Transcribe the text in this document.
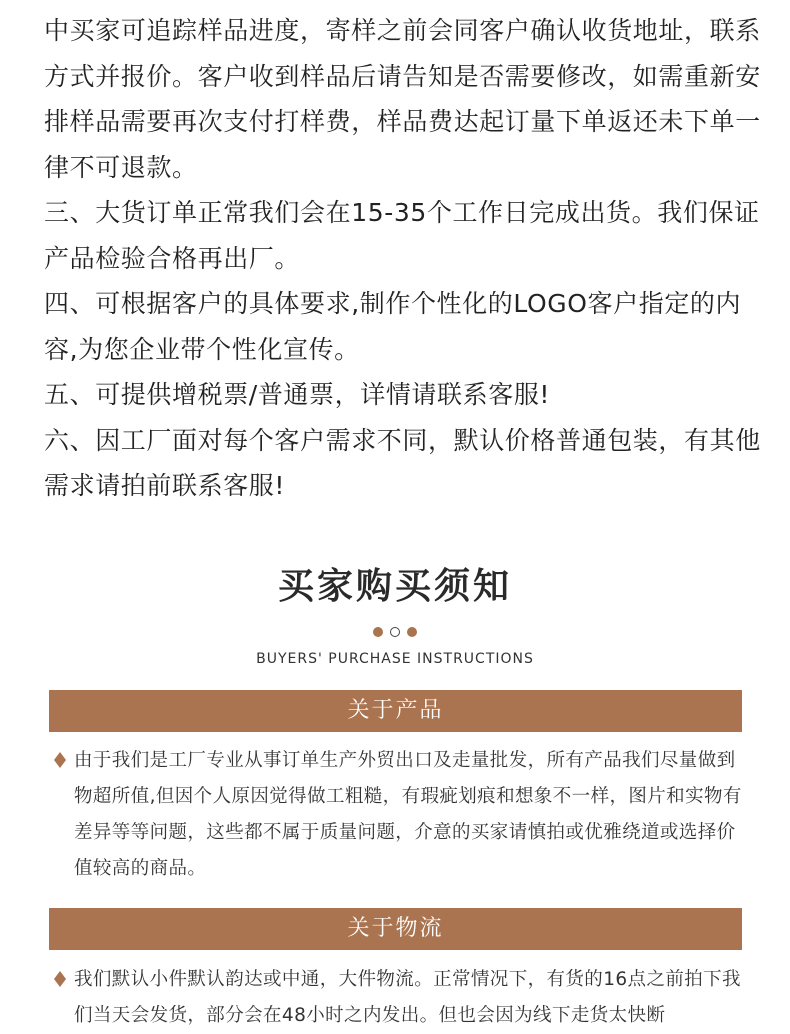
中买家可追踪样品进度，寄样之前会同客户确认收货地址，联系方式并报价。客户收到样品后请告知是否需要修改，如需重新安排样品需要再次支付打样费，样品费达起订量下单返还未下单一律不可退款。

三、大货订单正常我们会在15-35个工作日完成出货。我们保证产品检验合格再出厂。

四、可根据客户的具体要求,制作个性化的LOGO客户指定的内容,为您企业带个性化宣传。

五、可提供增税票/普通票，详情请联系客服!

六、因工厂面对每个客户需求不同，默认价格普通包装，有其他需求请拍前联系客服!

买家购买须知
BUYERS' PURCHASE INSTRUCTIONS
关于产品
由于我们是工厂专业从事订单生产外贸出口及走量批发，所有产品我们尽量做到物超所值,但因个人原因觉得做工粗糙，有瑕疵划痕和想象不一样，图片和实物有差异等等问题，这些都不属于质量问题，介意的买家请慎拍或优雅绕道或选择价值较高的商品。
关于物流
我们默认小件默认韵达或中通，大件物流。正常情况下，有货的16点之前拍下我们当天会发货，部分会在48小时之内发出。但也会因为线下走货太快断
